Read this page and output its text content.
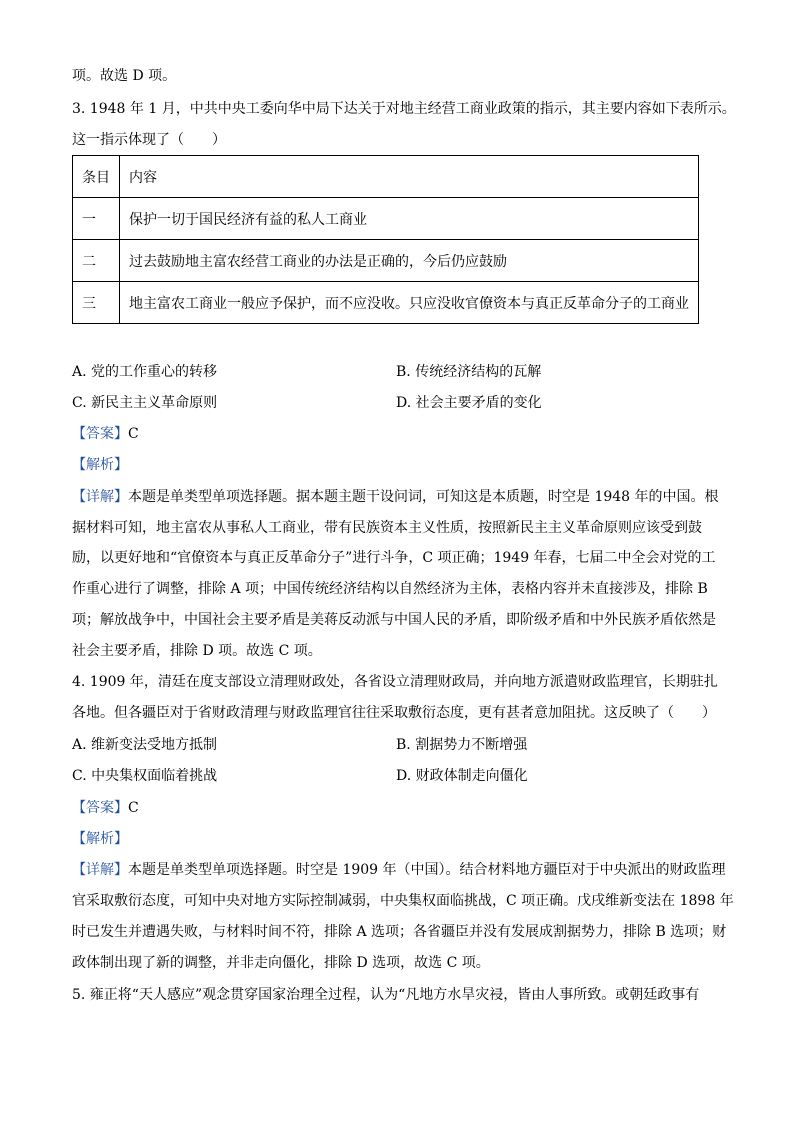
项。故选 D 项。
3. 1948 年 1 月，中共中央工委向华中局下达关于对地主经营工商业政策的指示，其主要内容如下表所示。
这一指示体现了（　　）
条目	内容
一	保护一切于国民经济有益的私人工商业
二	过去鼓励地主富农经营工商业的办法是正确的，今后仍应鼓励
三	地主富农工商业一般应予保护，而不应没收。只应没收官僚资本与真正反革命分子的工商业
A. 党的工作重心的转移	B. 传统经济结构的瓦解
C. 新民主主义革命原则	D. 社会主要矛盾的变化
【答案】C
【解析】
【详解】本题是单类型单项选择题。据本题主题干设问词，可知这是本质题，时空是 1948 年的中国。根
据材料可知，地主富农从事私人工商业，带有民族资本主义性质，按照新民主主义革命原则应该受到鼓
励，以更好地和“官僚资本与真正反革命分子”进行斗争，C 项正确；1949 年春，七届二中全会对党的工
作重心进行了调整，排除 A 项；中国传统经济结构以自然经济为主体，表格内容并未直接涉及，排除 B
项；解放战争中，中国社会主要矛盾是美蒋反动派与中国人民的矛盾，即阶级矛盾和中外民族矛盾依然是
社会主要矛盾，排除 D 项。故选 C 项。
4. 1909 年，清廷在度支部设立清理财政处，各省设立清理财政局，并向地方派遣财政监理官，长期驻扎
各地。但各疆臣对于省财政清理与财政监理官往往采取敷衍态度，更有甚者意加阻扰。这反映了（　　）
A. 维新变法受地方抵制	B. 割据势力不断增强
C. 中央集权面临着挑战	D. 财政体制走向僵化
【答案】C
【解析】
【详解】本题是单类型单项选择题。时空是 1909 年（中国）。结合材料地方疆臣对于中央派出的财政监理
官采取敷衍态度，可知中央对地方实际控制减弱，中央集权面临挑战，C 项正确。戊戌维新变法在 1898 年
时已发生并遭遇失败，与材料时间不符，排除 A 选项；各省疆臣并没有发展成割据势力，排除 B 选项；财
政体制出现了新的调整，并非走向僵化，排除 D 选项，故选 C 项。
5. 雍正将“天人感应”观念贯穿国家治理全过程，认为“凡地方水旱灾祲，皆由人事所致。或朝廷政事有
